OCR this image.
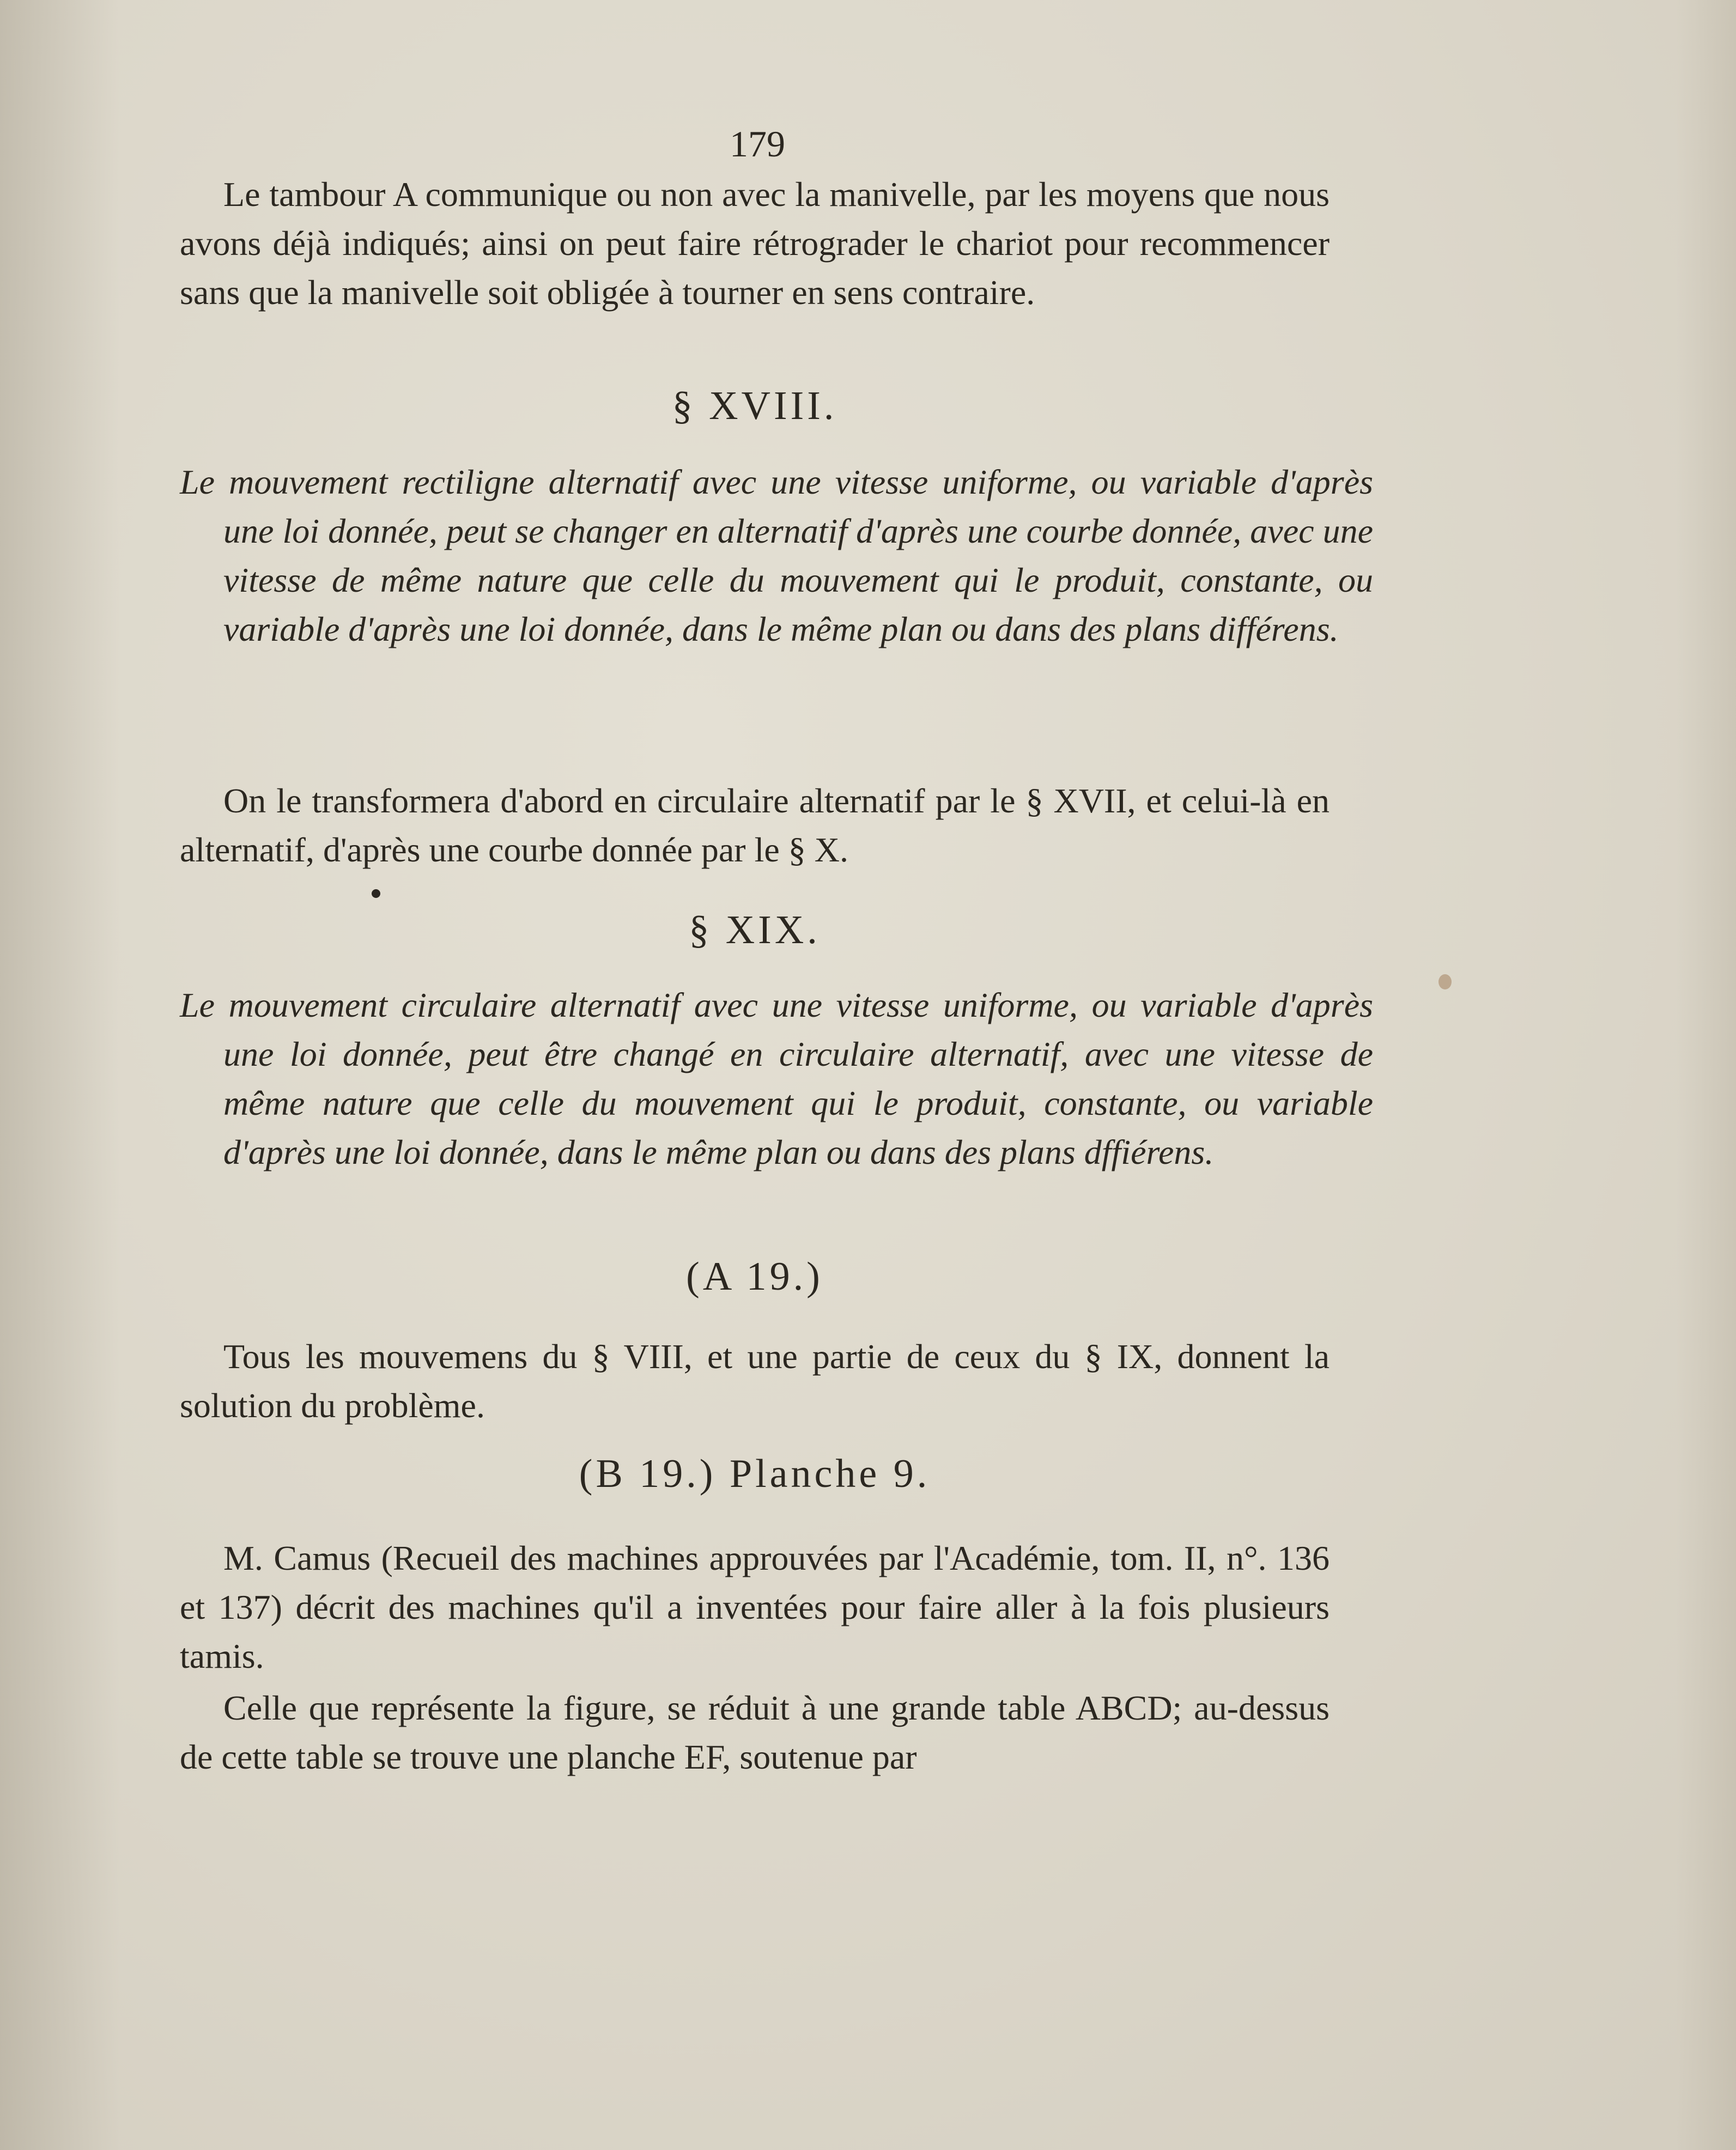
179
Le tambour A communique ou non avec la manivelle, par les moyens que nous avons déjà indiqués; ainsi on peut faire rétrograder le chariot pour recommencer sans que la manivelle soit obligée à tourner en sens contraire.
§ XVIII.
Le mouvement rectiligne alternatif avec une vitesse uniforme, ou variable d'après une loi donnée, peut se changer en alternatif d'après une courbe donnée, avec une vitesse de même nature que celle du mouvement qui le produit, constante, ou variable d'après une loi donnée, dans le même plan ou dans des plans différens.
On le transformera d'abord en circulaire alternatif par le § XVII, et celui-là en alternatif, d'après une courbe donnée par le § X.
§ XIX.
Le mouvement circulaire alternatif avec une vitesse uniforme, ou variable d'après une loi donnée, peut être changé en circulaire alternatif, avec une vitesse de même nature que celle du mouvement qui le produit, constante, ou variable d'après une loi donnée, dans le même plan ou dans des plans dffiérens.
(A 19.)
Tous les mouvemens du § VIII, et une partie de ceux du § IX, donnent la solution du problème.
(B 19.) Planche 9.
M. Camus (Recueil des machines approuvées par l'Académie, tom. II, n°. 136 et 137) décrit des machines qu'il a inventées pour faire aller à la fois plusieurs tamis.
Celle que représente la figure, se réduit à une grande table ABCD; au-dessus de cette table se trouve une planche EF, soutenue par
